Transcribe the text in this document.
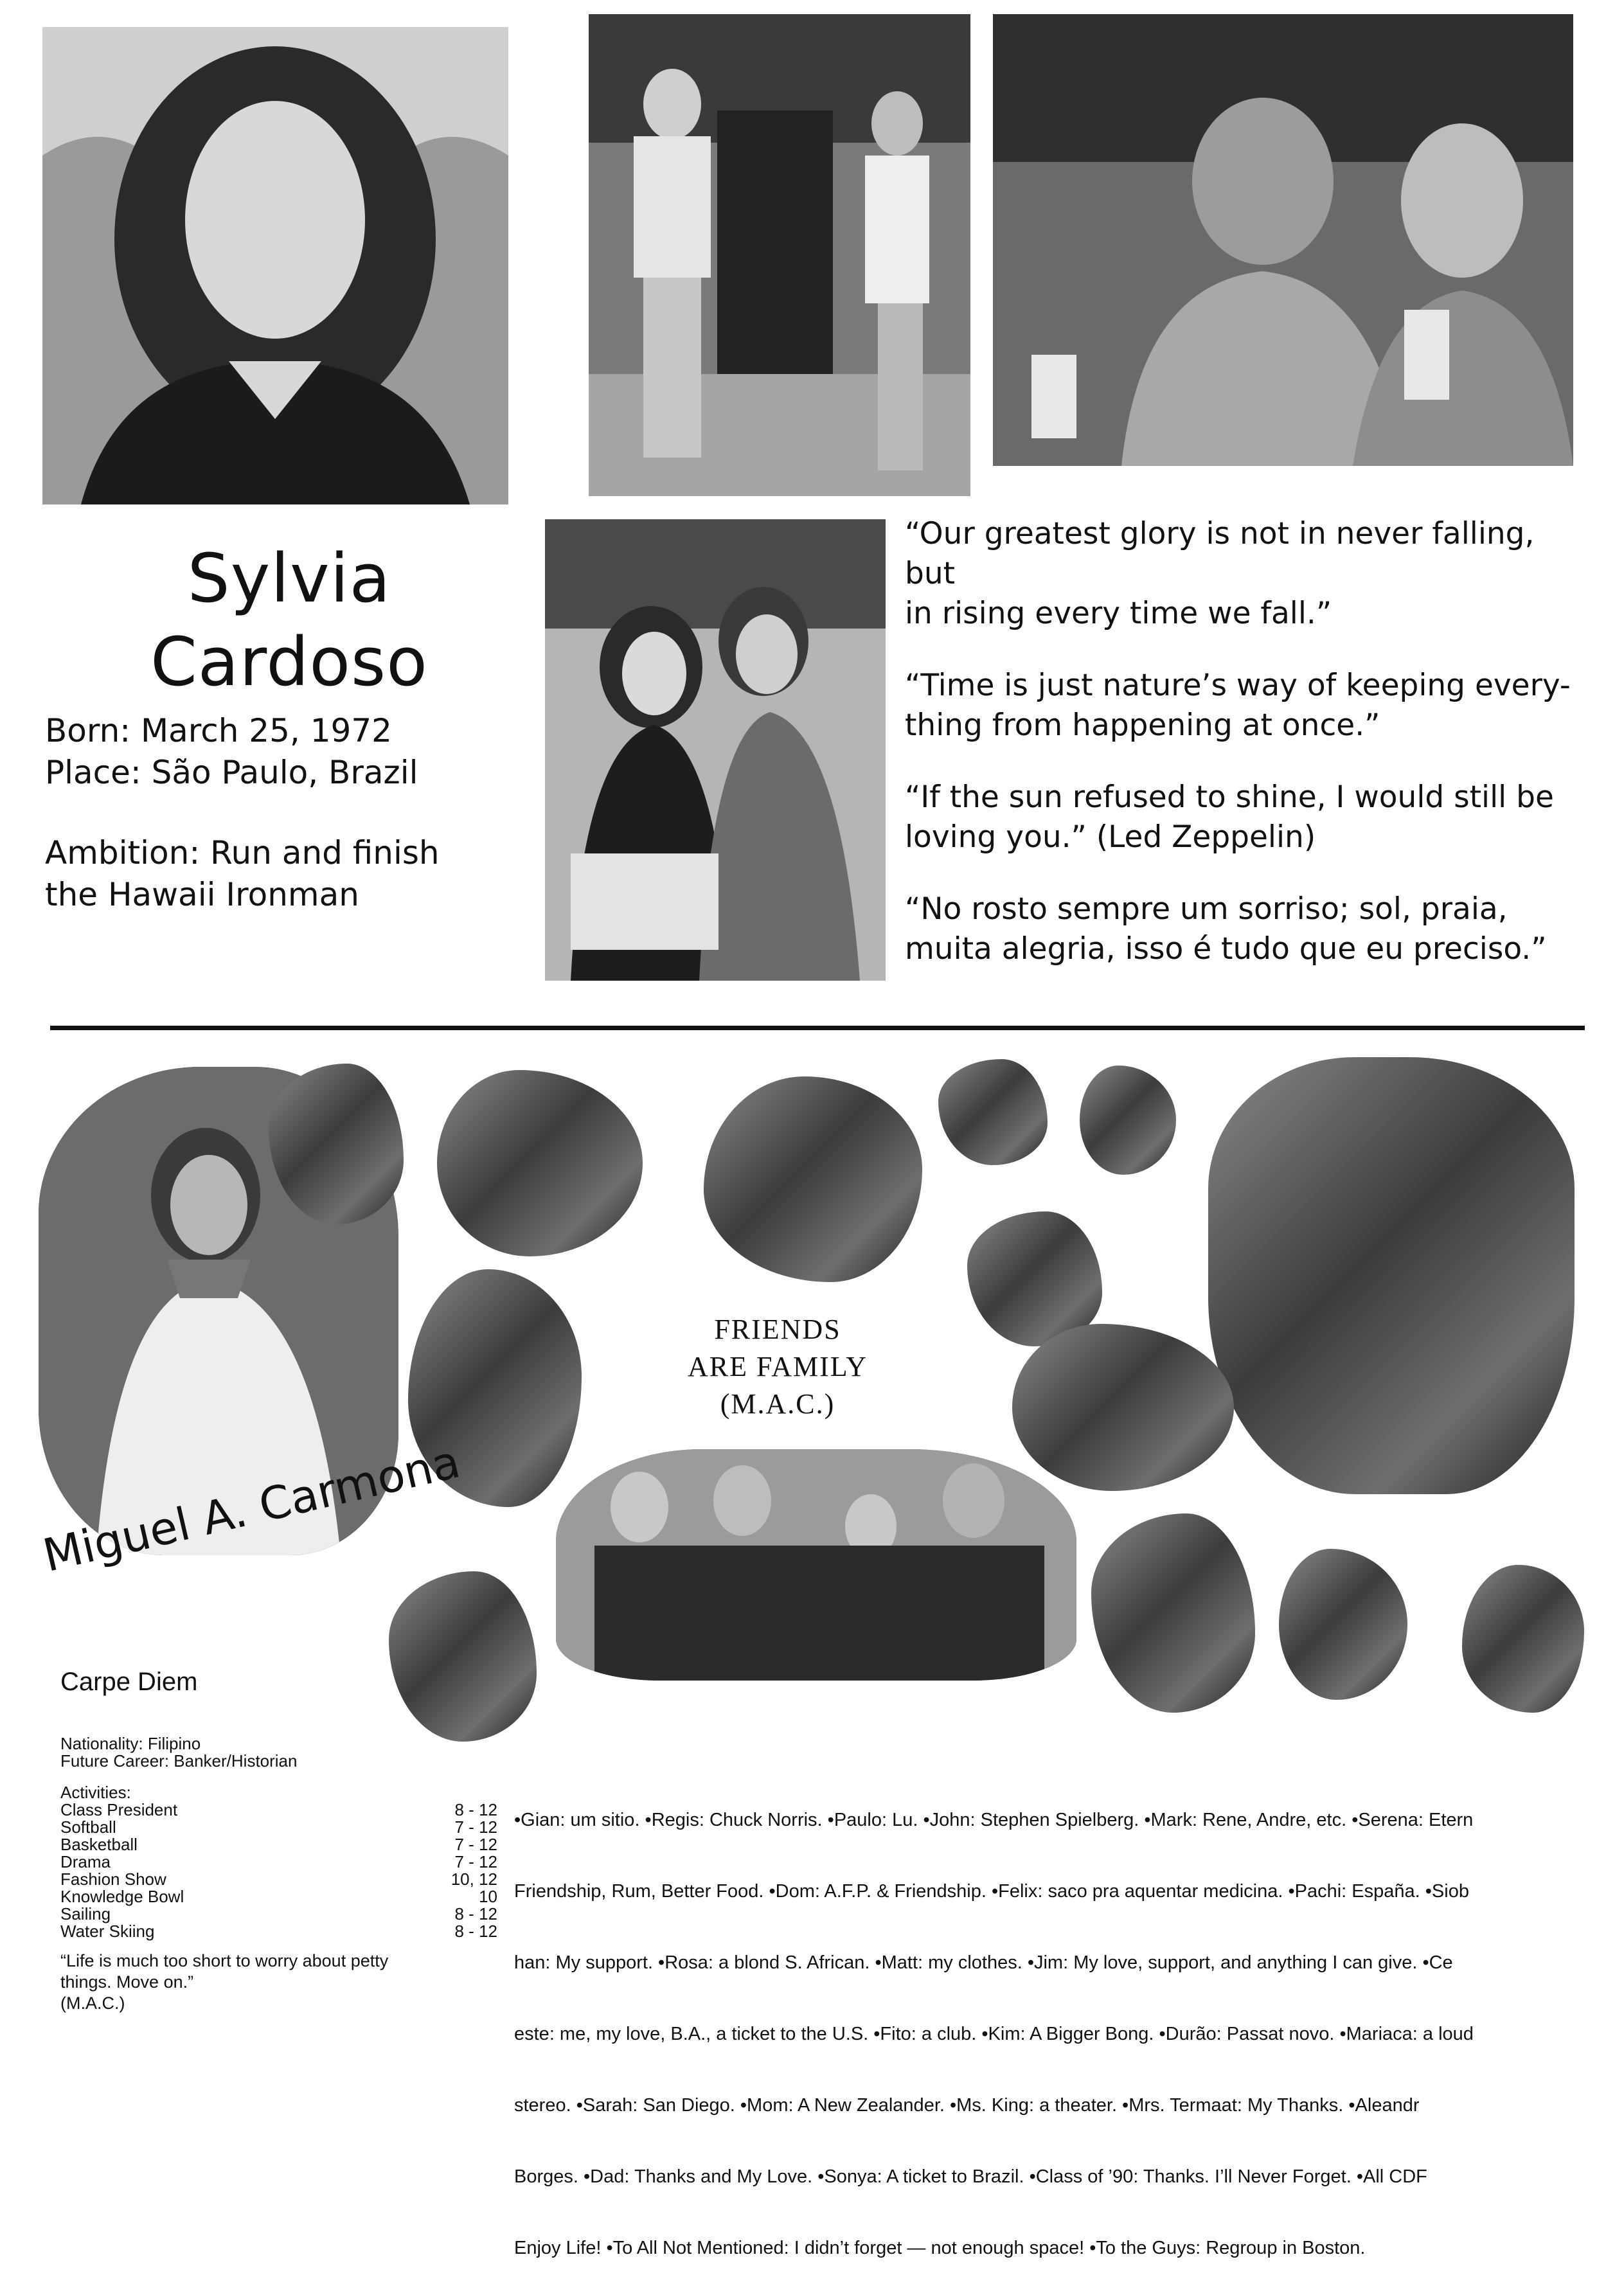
Sylvia
Cardoso
Born: March 25, 1972
Place: São Paulo, Brazil
Ambition: Run and finish
the Hawaii Ironman
“Our greatest glory is not in never falling, but
in rising every time we fall.”
“Time is just nature’s way of keeping every-
thing from happening at once.”
“If the sun refused to shine, I would still be
loving you.” (Led Zeppelin)
“No rosto sempre um sorriso; sol, praia,
muita alegria, isso é tudo que eu preciso.”
FRIENDS
ARE FAMILY
(M.A.C.)
Miguel A. Carmona
Carpe Diem
Nationality: Filipino
Future Career: Banker/Historian
Activities:
Class President	8 - 12
Softball	7 - 12
Basketball	7 - 12
Drama	7 - 12
Fashion Show	10, 12
Knowledge Bowl	10
Sailing	8 - 12
Water Skiing	8 - 12
“Life is much too short to worry about petty
things. Move on.”
(M.A.C.)

•Gian: um sitio. •Regis: Chuck Norris. •Paulo: Lu. •John: Stephen Spielberg. •Mark: Rene, Andre, etc. •Serena: Etern

Friendship, Rum, Better Food. •Dom: A.F.P. & Friendship. •Felix: saco pra aquentar medicina. •Pachi: España. •Siob

han: My support. •Rosa: a blond S. African. •Matt: my clothes. •Jim: My love, support, and anything I can give. •Ce

este: me, my love, B.A., a ticket to the U.S. •Fito: a club. •Kim: A Bigger Bong. •Durão: Passat novo. •Mariaca: a loud

stereo. •Sarah: San Diego. •Mom: A New Zealander. •Ms. King: a theater. •Mrs. Termaat: My Thanks. •Aleandr

Borges. •Dad: Thanks and My Love. •Sonya: A ticket to Brazil. •Class of ’90: Thanks. I’ll Never Forget. •All CDF

Enjoy Life! •To All Not Mentioned: I didn’t forget — not enough space! •To the Guys: Regroup in Boston.
